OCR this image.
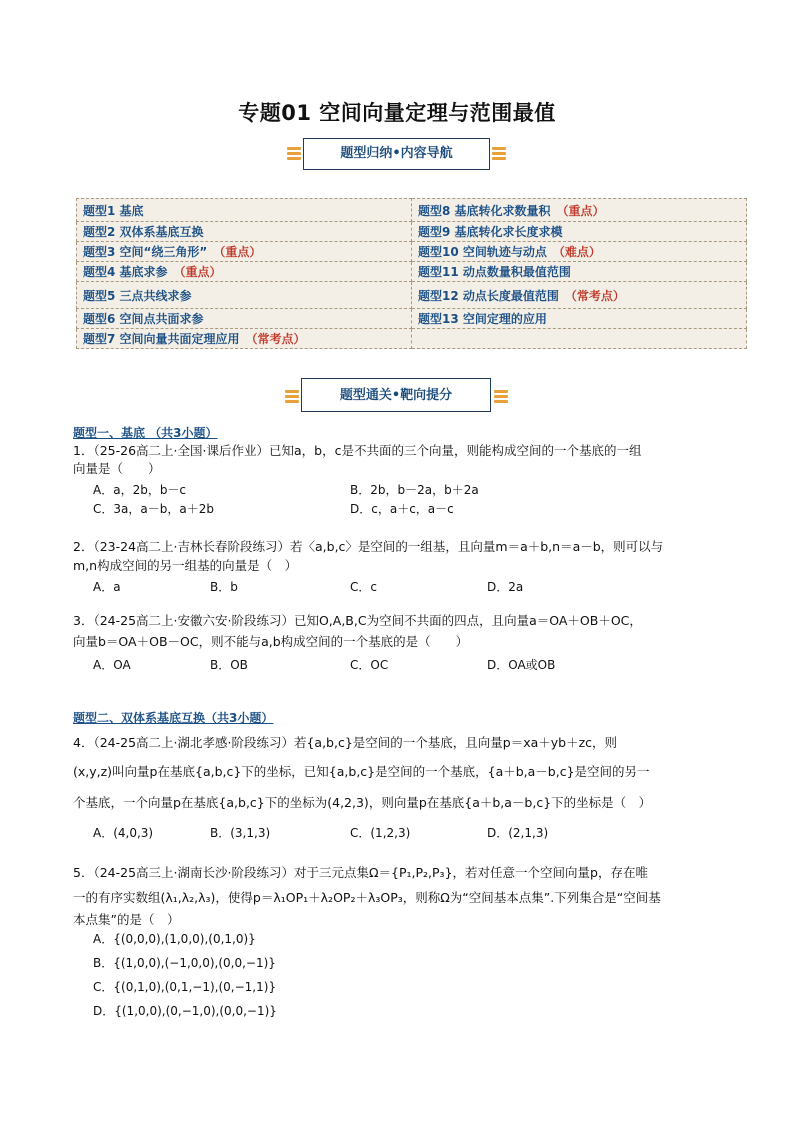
专题01 空间向量定理与范围最值
题型归纳•内容导航
题型1 基底	题型8 基底转化求数量积 （重点）
题型2 双体系基底互换	题型9 基底转化求长度求模
题型3 空间“绕三角形” （重点）	题型10 空间轨迹与动点 （难点）
题型4 基底求参 （重点）	题型11 动点数量积最值范围
题型5 三点共线求参	题型12 动点长度最值范围 （常考点）
题型6 空间点共面求参	题型13 空间定理的应用
题型7 空间向量共面定理应用 （常考点）	
题型通关•靶向提分
题型一、基底 （共3小题）
1．（25-26高二上·全国·课后作业）已知a，b，c是不共面的三个向量，则能构成空间的一个基底的一组
向量是（　　）
A．a，2b，b－c	B．2b，b－2a，b＋2a
C．3a，a－b，a＋2b	D．c，a＋c，a－c
2．（23-24高二上·吉林长春阶段练习）若〈a,b,c〉是空间的一组基，且向量m＝a＋b,n＝a－b，则可以与
m,n构成空间的另一组基的向量是（　）
A．a	B．b	C．c	D．2a
3．（24-25高二上·安徽六安·阶段练习）已知O,A,B,C为空间不共面的四点，且向量a＝OA＋OB＋OC，
向量b＝OA＋OB－OC，则不能与a,b构成空间的一个基底的是（　　）
A．OA	B．OB	C．OC	D．OA或OB
题型二、双体系基底互换（共3小题）
4．（24-25高二上·湖北孝感·阶段练习）若{a,b,c}是空间的一个基底，且向量p＝xa＋yb＋zc，则
(x,y,z)叫向量p在基底{a,b,c}下的坐标，已知{a,b,c}是空间的一个基底，{a＋b,a－b,c}是空间的另一
个基底，一个向量p在基底{a,b,c}下的坐标为(4,2,3)，则向量p在基底{a＋b,a－b,c}下的坐标是（　）
A．(4,0,3)	B．(3,1,3)	C．(1,2,3)	D．(2,1,3)
5．（24-25高三上·湖南长沙·阶段练习）对于三元点集Ω＝{P₁,P₂,P₃}，若对任意一个空间向量p，存在唯
一的有序实数组(λ₁,λ₂,λ₃)，使得p＝λ₁OP₁＋λ₂OP₂＋λ₃OP₃，则称Ω为“空间基本点集”.下列集合是“空间基
本点集”的是（　）
A．{(0,0,0),(1,0,0),(0,1,0)}
B．{(1,0,0),(−1,0,0),(0,0,−1)}
C．{(0,1,0),(0,1,−1),(0,−1,1)}
D．{(1,0,0),(0,−1,0),(0,0,−1)}
